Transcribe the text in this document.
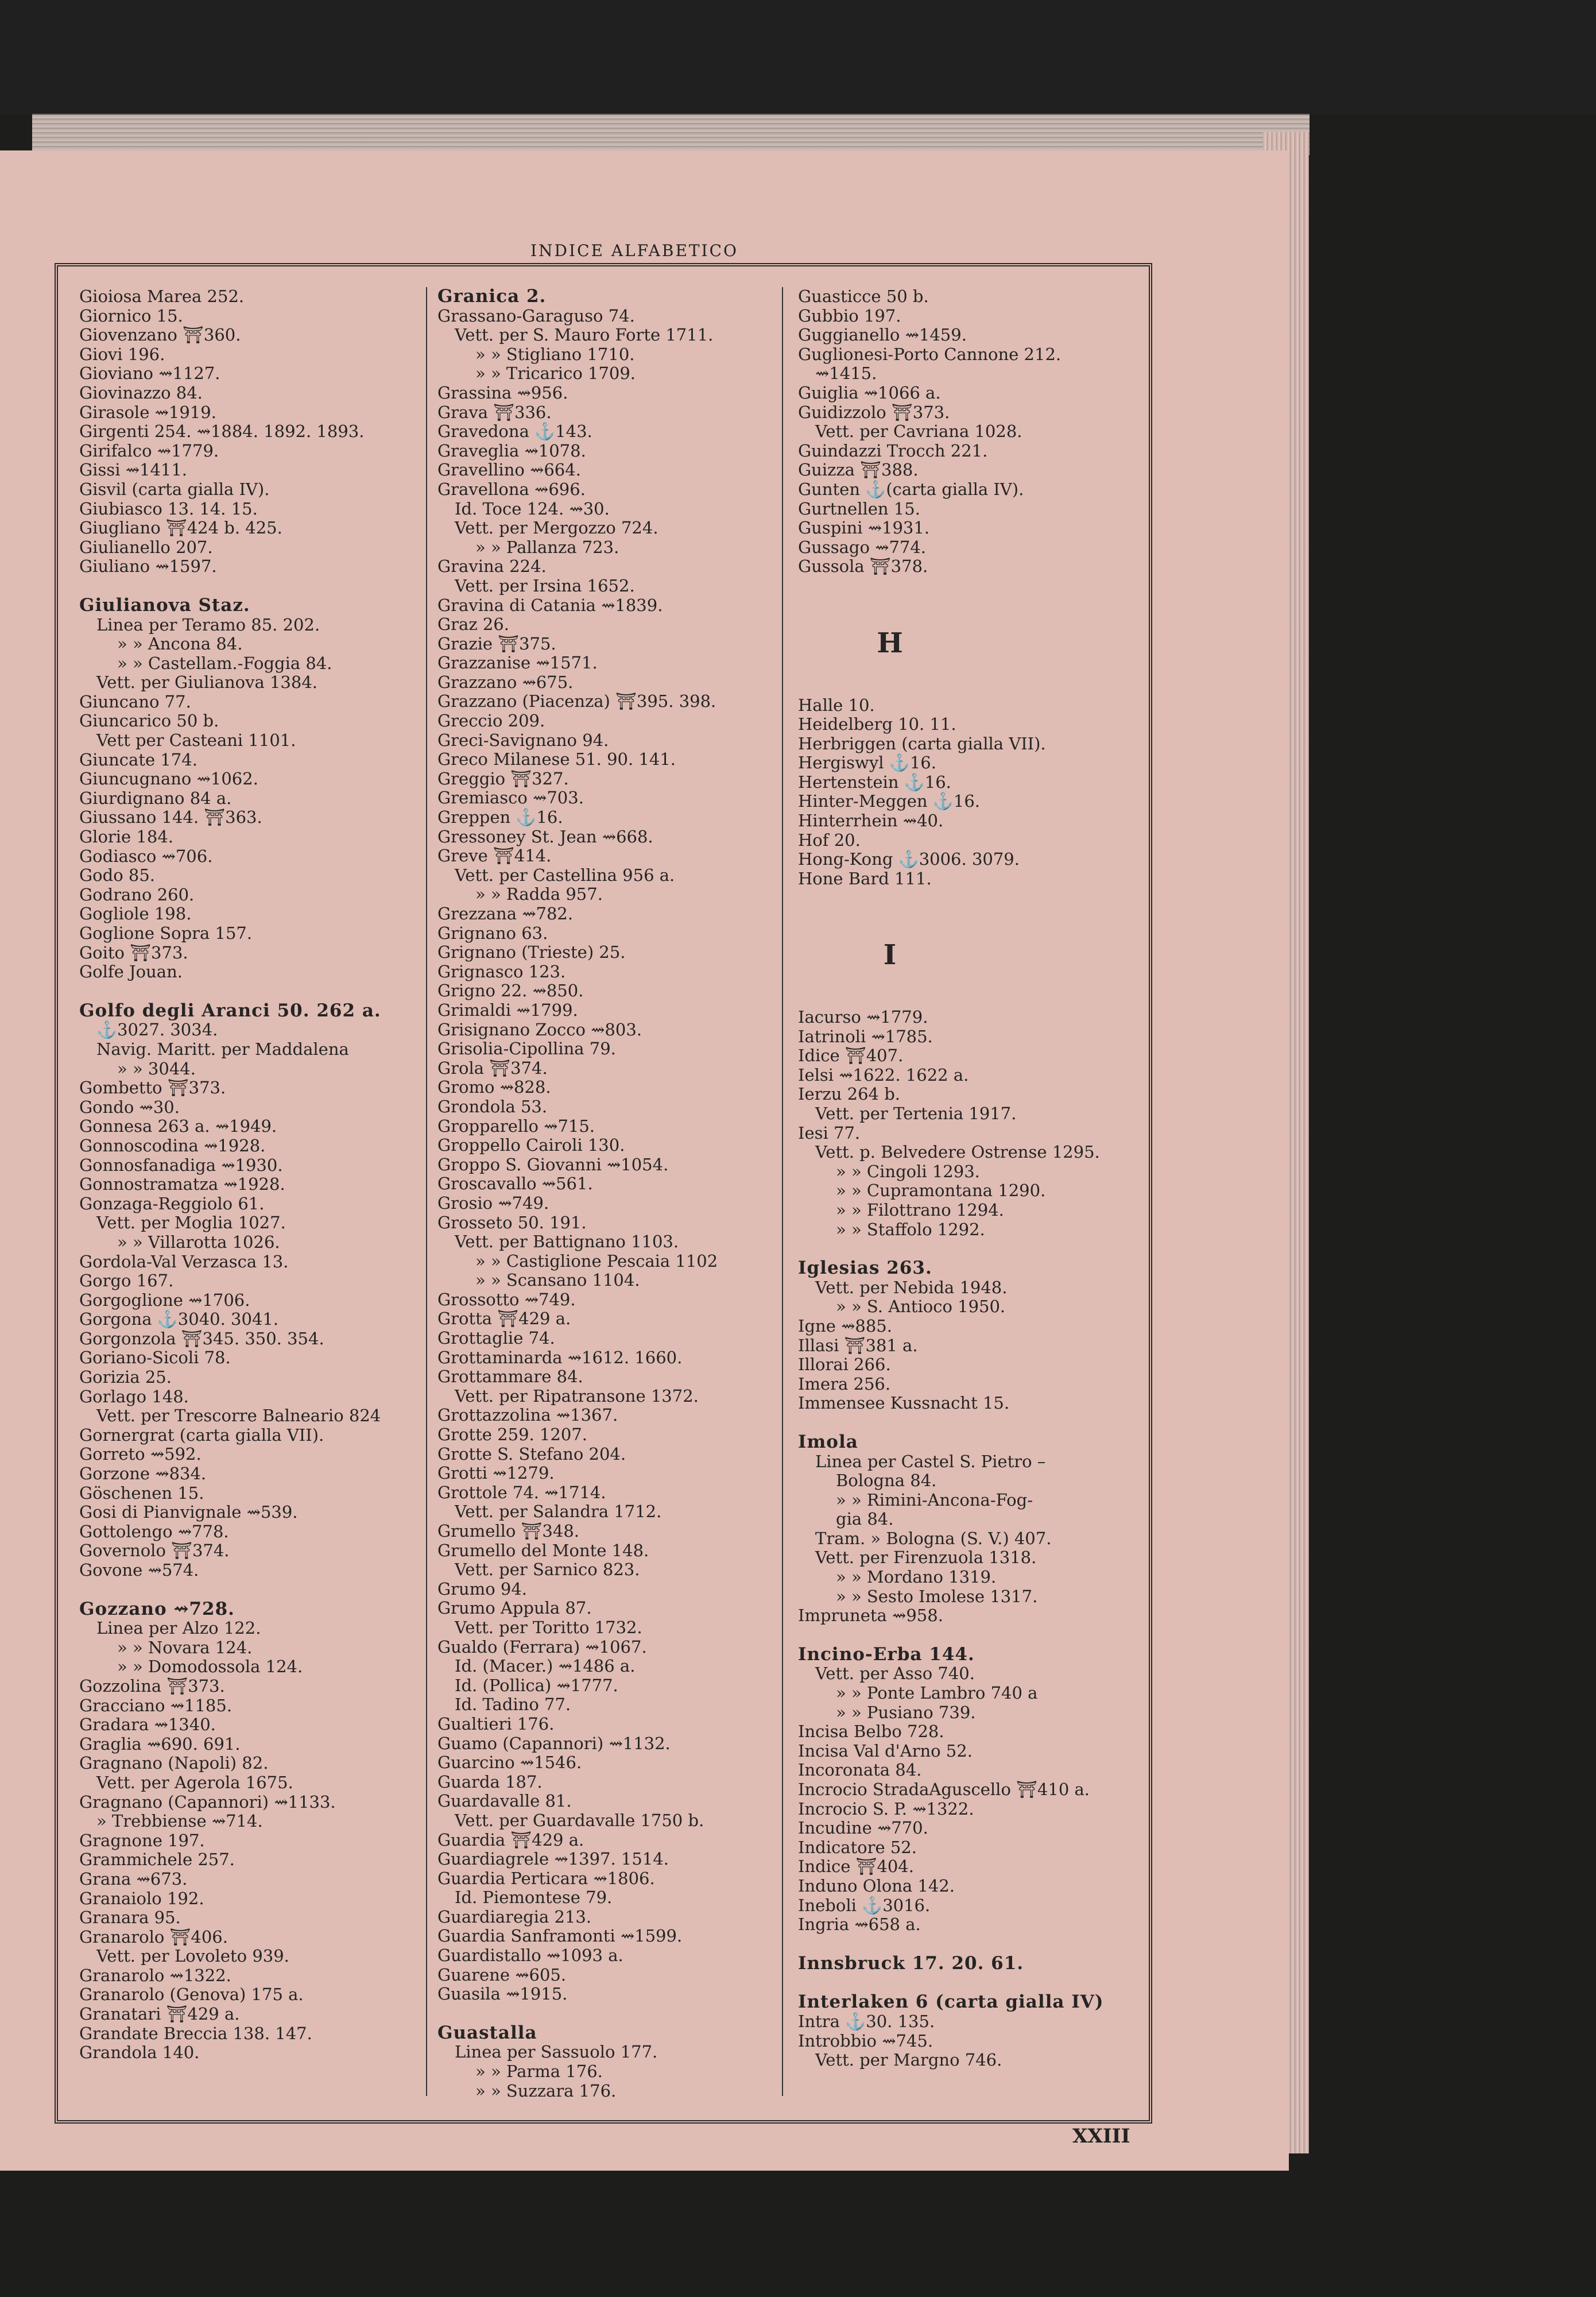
INDICE ALFABETICO
Gioiosa Marea 252.
Giornico 15.
Giovenzano ⛩360.
Giovi 196.
Gioviano ⇝1127.
Giovinazzo 84.
Girasole ⇝1919.
Girgenti 254. ⇝1884. 1892. 1893.
Girifalco ⇝1779.
Gissi ⇝1411.
Gisvil (carta gialla IV).
Giubiasco 13. 14. 15.
Giugliano ⛩424 b. 425.
Giulianello 207.
Giuliano ⇝1597.
Giulianova Staz.
Linea per Teramo 85. 202.
» » Ancona 84.
» » Castellam.-Foggia 84.
Vett. per Giulianova 1384.
Giuncano 77.
Giuncarico 50 b.
Vett per Casteani 1101.
Giuncate 174.
Giuncugnano ⇝1062.
Giurdignano 84 a.
Giussano 144. ⛩363.
Glorie 184.
Godiasco ⇝706.
Godo 85.
Godrano 260.
Gogliole 198.
Goglione Sopra 157.
Goito ⛩373.
Golfe Jouan.
Golfo degli Aranci 50. 262 a.
⚓3027. 3034.
Navig. Maritt. per Maddalena
» » 3044.
Gombetto ⛩373.
Gondo ⇝30.
Gonnesa 263 a. ⇝1949.
Gonnoscodina ⇝1928.
Gonnosfanadiga ⇝1930.
Gonnostramatza ⇝1928.
Gonzaga-Reggiolo 61.
Vett. per Moglia 1027.
» » Villarotta 1026.
Gordola-Val Verzasca 13.
Gorgo 167.
Gorgoglione ⇝1706.
Gorgona ⚓3040. 3041.
Gorgonzola ⛩345. 350. 354.
Goriano-Sicoli 78.
Gorizia 25.
Gorlago 148.
Vett. per Trescorre Balneario 824
Gornergrat (carta gialla VII).
Gorreto ⇝592.
Gorzone ⇝834.
Göschenen 15.
Gosi di Pianvignale ⇝539.
Gottolengo ⇝778.
Governolo ⛩374.
Govone ⇝574.
Gozzano ⇝728.
Linea per Alzo 122.
» » Novara 124.
» » Domodossola 124.
Gozzolina ⛩373.
Gracciano ⇝1185.
Gradara ⇝1340.
Graglia ⇝690. 691.
Gragnano (Napoli) 82.
Vett. per Agerola 1675.
Gragnano (Capannori) ⇝1133.
» Trebbiense ⇝714.
Gragnone 197.
Grammichele 257.
Grana ⇝673.
Granaiolo 192.
Granara 95.
Granarolo ⛩406.
Vett. per Lovoleto 939.
Granarolo ⇝1322.
Granarolo (Genova) 175 a.
Granatari ⛩429 a.
Grandate Breccia 138. 147.
Grandola 140.
Granica 2.
Grassano-Garaguso 74.
Vett. per S. Mauro Forte 1711.
» » Stigliano 1710.
» » Tricarico 1709.
Grassina ⇝956.
Grava ⛩336.
Gravedona ⚓143.
Graveglia ⇝1078.
Gravellino ⇝664.
Gravellona ⇝696.
Id. Toce 124. ⇝30.
Vett. per Mergozzo 724.
» » Pallanza 723.
Gravina 224.
Vett. per Irsina 1652.
Gravina di Catania ⇝1839.
Graz 26.
Grazie ⛩375.
Grazzanise ⇝1571.
Grazzano ⇝675.
Grazzano (Piacenza) ⛩395. 398.
Greccio 209.
Greci-Savignano 94.
Greco Milanese 51. 90. 141.
Greggio ⛩327.
Gremiasco ⇝703.
Greppen ⚓16.
Gressoney St. Jean ⇝668.
Greve ⛩414.
Vett. per Castellina 956 a.
» » Radda 957.
Grezzana ⇝782.
Grignano 63.
Grignano (Trieste) 25.
Grignasco 123.
Grigno 22. ⇝850.
Grimaldi ⇝1799.
Grisignano Zocco ⇝803.
Grisolia-Cipollina 79.
Grola ⛩374.
Gromo ⇝828.
Grondola 53.
Gropparello ⇝715.
Groppello Cairoli 130.
Groppo S. Giovanni ⇝1054.
Groscavallo ⇝561.
Grosio ⇝749.
Grosseto 50. 191.
Vett. per Battignano 1103.
» » Castiglione Pescaia 1102
» » Scansano 1104.
Grossotto ⇝749.
Grotta ⛩429 a.
Grottaglie 74.
Grottaminarda ⇝1612. 1660.
Grottammare 84.
Vett. per Ripatransone 1372.
Grottazzolina ⇝1367.
Grotte 259. 1207.
Grotte S. Stefano 204.
Grotti ⇝1279.
Grottole 74. ⇝1714.
Vett. per Salandra 1712.
Grumello ⛩348.
Grumello del Monte 148.
Vett. per Sarnico 823.
Grumo 94.
Grumo Appula 87.
Vett. per Toritto 1732.
Gualdo (Ferrara) ⇝1067.
Id. (Macer.) ⇝1486 a.
Id. (Pollica) ⇝1777.
Id. Tadino 77.
Gualtieri 176.
Guamo (Capannori) ⇝1132.
Guarcino ⇝1546.
Guarda 187.
Guardavalle 81.
Vett. per Guardavalle 1750 b.
Guardia ⛩429 a.
Guardiagrele ⇝1397. 1514.
Guardia Perticara ⇝1806.
Id. Piemontese 79.
Guardiaregia 213.
Guardia Sanframonti ⇝1599.
Guardistallo ⇝1093 a.
Guarene ⇝605.
Guasila ⇝1915.
Guastalla
Linea per Sassuolo 177.
» » Parma 176.
» » Suzzara 176.
Guasticce 50 b.
Gubbio 197.
Guggianello ⇝1459.
Guglionesi-Porto Cannone 212.
⇝1415.
Guiglia ⇝1066 a.
Guidizzolo ⛩373.
Vett. per Cavriana 1028.
Guindazzi Trocch 221.
Guizza ⛩388.
Gunten ⚓(carta gialla IV).
Gurtnellen 15.
Guspini ⇝1931.
Gussago ⇝774.
Gussola ⛩378.
H
Halle 10.
Heidelberg 10. 11.
Herbriggen (carta gialla VII).
Hergiswyl ⚓16.
Hertenstein ⚓16.
Hinter-Meggen ⚓16.
Hinterrhein ⇝40.
Hof 20.
Hong-Kong ⚓3006. 3079.
Hone Bard 111.
I
Iacurso ⇝1779.
Iatrinoli ⇝1785.
Idice ⛩407.
Ielsi ⇝1622. 1622 a.
Ierzu 264 b.
Vett. per Tertenia 1917.
Iesi 77.
Vett. p. Belvedere Ostrense 1295.
» » Cingoli 1293.
» » Cupramontana 1290.
» » Filottrano 1294.
» » Staffolo 1292.
Iglesias 263.
Vett. per Nebida 1948.
» » S. Antioco 1950.
Igne ⇝885.
Illasi ⛩381 a.
Illorai 266.
Imera 256.
Immensee Kussnacht 15.
Imola
Linea per Castel S. Pietro –
Bologna 84.
» » Rimini-Ancona-Fog-
gia 84.
Tram. » Bologna (S. V.) 407.
Vett. per Firenzuola 1318.
» » Mordano 1319.
» » Sesto Imolese 1317.
Impruneta ⇝958.
Incino-Erba 144.
Vett. per Asso 740.
» » Ponte Lambro 740 a
» » Pusiano 739.
Incisa Belbo 728.
Incisa Val d'Arno 52.
Incoronata 84.
Incrocio StradaAguscello ⛩410 a.
Incrocio S. P. ⇝1322.
Incudine ⇝770.
Indicatore 52.
Indice ⛩404.
Induno Olona 142.
Ineboli ⚓3016.
Ingria ⇝658 a.
Innsbruck 17. 20. 61.
Interlaken 6 (carta gialla IV)
Intra ⚓30. 135.
Introbbio ⇝745.
Vett. per Margno 746.
XXIII
